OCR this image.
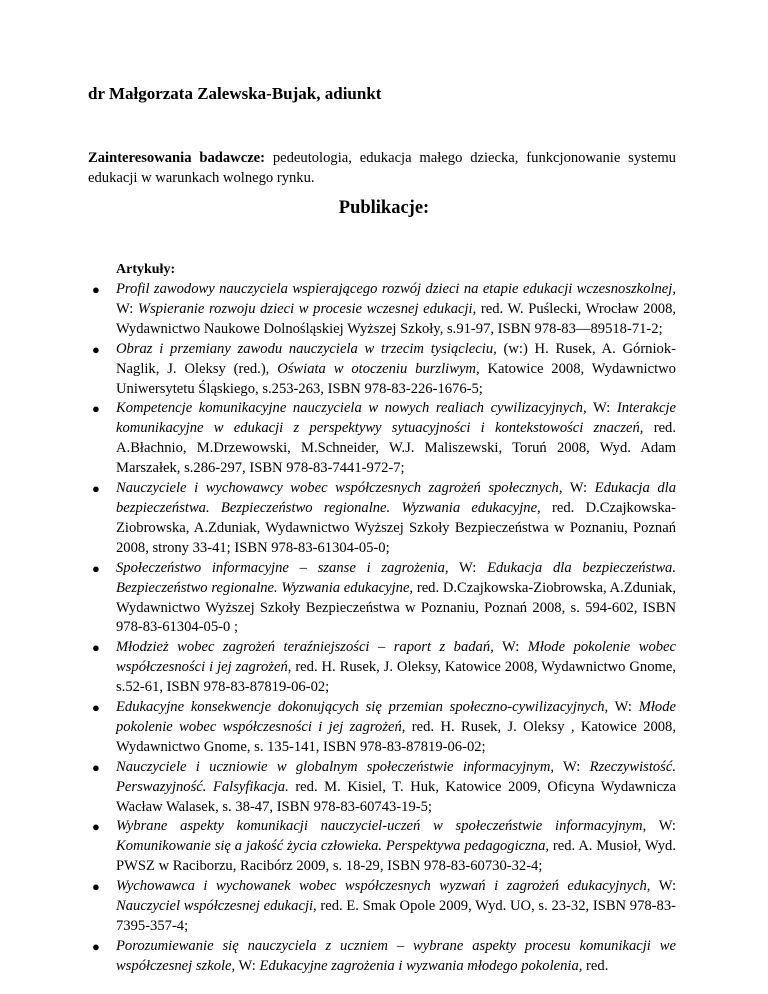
dr Małgorzata Zalewska-Bujak, adiunkt
Zainteresowania badawcze: pedeutologia, edukacja małego dziecka, funkcjonowanie systemu edukacji w warunkach wolnego rynku.
Publikacje:
Artykuły:
● Profil zawodowy nauczyciela wspierającego rozwój dzieci na etapie edukacji wczesnoszkolnej, W: Wspieranie rozwoju dzieci w procesie wczesnej edukacji, red. W. Puślecki, Wrocław 2008, Wydawnictwo Naukowe Dolnośląskiej Wyższej Szkoły, s.91-97, ISBN 978-83—89518-71-2;
● Obraz i przemiany zawodu nauczyciela w trzecim tysiącleciu, (w:) H. Rusek, A. Górniok-Naglik, J. Oleksy (red.), Oświata w otoczeniu burzliwym, Katowice 2008, Wydawnictwo Uniwersytetu Śląskiego, s.253-263, ISBN 978-83-226-1676-5;
● Kompetencje komunikacyjne nauczyciela w nowych realiach cywilizacyjnych, W: Interakcje komunikacyjne w edukacji z perspektywy sytuacyjności i kontekstowości znaczeń, red. A.Błachnio, M.Drzewowski, M.Schneider, W.J. Maliszewski, Toruń 2008, Wyd. Adam Marszałek, s.286-297, ISBN 978-83-7441-972-7;
● Nauczyciele i wychowawcy wobec współczesnych zagrożeń społecznych, W: Edukacja dla bezpieczeństwa. Bezpieczeństwo regionalne. Wyzwania edukacyjne, red. D.Czajkowska-Ziobrowska, A.Zduniak, Wydawnictwo Wyższej Szkoły Bezpieczeństwa w Poznaniu, Poznań 2008, strony 33-41; ISBN 978-83-61304-05-0;
● Społeczeństwo informacyjne – szanse i zagrożenia, W: Edukacja dla bezpieczeństwa. Bezpieczeństwo regionalne. Wyzwania edukacyjne, red. D.Czajkowska-Ziobrowska, A.Zduniak, Wydawnictwo Wyższej Szkoły Bezpieczeństwa w Poznaniu, Poznań 2008, s. 594-602, ISBN 978-83-61304-05-0 ;
● Młodzież wobec zagrożeń teraźniejszości – raport z badań, W: Młode pokolenie wobec współczesności i jej zagrożeń, red. H. Rusek, J. Oleksy, Katowice 2008, Wydawnictwo Gnome, s.52-61, ISBN 978-83-87819-06-02;
● Edukacyjne konsekwencje dokonujących się przemian społeczno-cywilizacyjnych, W: Młode pokolenie wobec współczesności i jej zagrożeń, red. H. Rusek, J. Oleksy , Katowice 2008, Wydawnictwo Gnome, s. 135-141, ISBN 978-83-87819-06-02;
● Nauczyciele i uczniowie w globalnym społeczeństwie informacyjnym, W: Rzeczywistość. Perswazyjność. Falsyfikacja. red. M. Kisiel, T. Huk, Katowice 2009, Oficyna Wydawnicza Wacław Walasek, s. 38-47, ISBN 978-83-60743-19-5;
● Wybrane aspekty komunikacji nauczyciel-uczeń w społeczeństwie informacyjnym, W: Komunikowanie się a jakość życia człowieka. Perspektywa pedagogiczna, red. A. Musioł, Wyd. PWSZ w Raciborzu, Racibórz 2009, s. 18-29, ISBN 978-83-60730-32-4;
● Wychowawca i wychowanek wobec współczesnych wyzwań i zagrożeń edukacyjnych, W: Nauczyciel współczesnej edukacji, red. E. Smak Opole 2009, Wyd. UO, s. 23-32, ISBN 978-83-7395-357-4;
● Porozumiewanie się nauczyciela z uczniem – wybrane aspekty procesu komunikacji we współczesnej szkole, W: Edukacyjne zagrożenia i wyzwania młodego pokolenia, red.
